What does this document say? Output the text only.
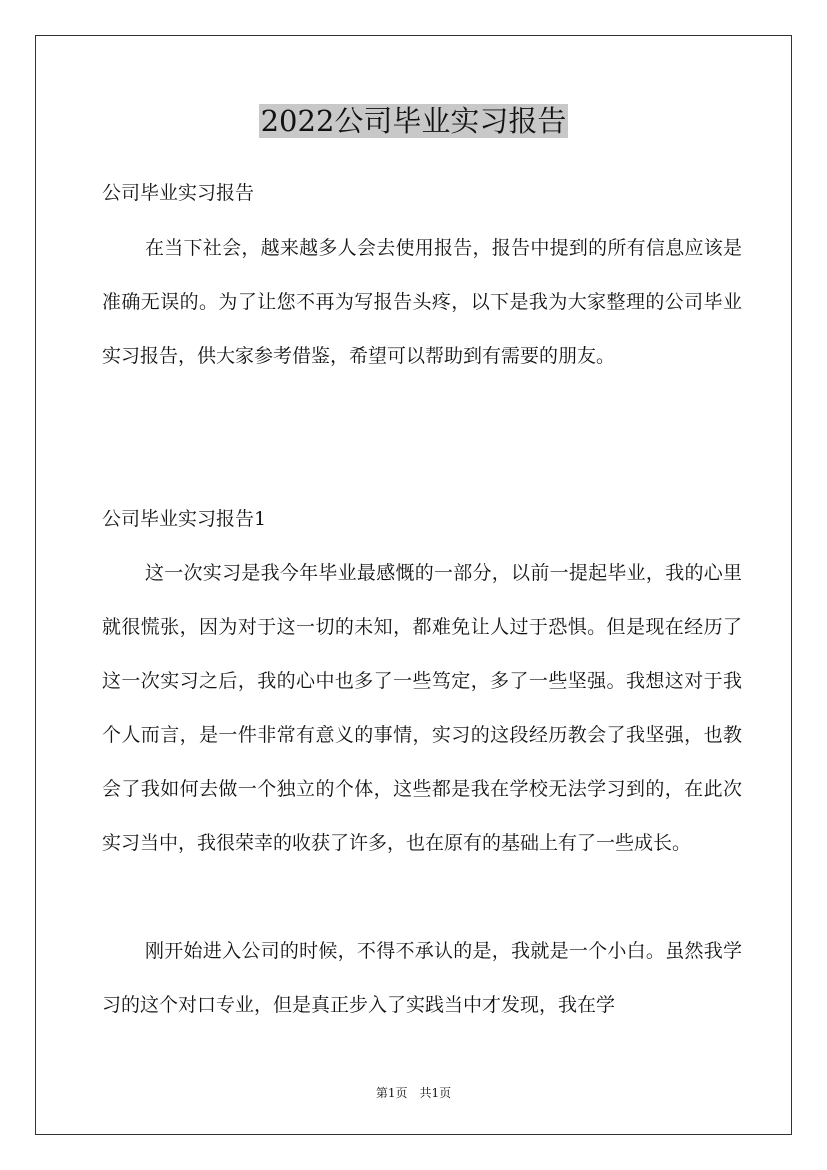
2022公司毕业实习报告

公司毕业实习报告

在当下社会，越来越多人会去使用报告，报告中提到的所有信息应该是准确无误的。为了让您不再为写报告头疼，以下是我为大家整理的公司毕业实习报告，供大家参考借鉴，希望可以帮助到有需要的朋友。

公司毕业实习报告1

这一次实习是我今年毕业最感慨的一部分，以前一提起毕业，我的心里就很慌张，因为对于这一切的未知，都难免让人过于恐惧。但是现在经历了这一次实习之后，我的心中也多了一些笃定，多了一些坚强。我想这对于我个人而言，是一件非常有意义的事情，实习的这段经历教会了我坚强，也教会了我如何去做一个独立的个体，这些都是我在学校无法学习到的，在此次实习当中，我很荣幸的收获了许多，也在原有的基础上有了一些成长。

刚开始进入公司的时候，不得不承认的是，我就是一个小白。虽然我学习的这个对口专业，但是真正步入了实践当中才发现，我在学

第1页　共1页
